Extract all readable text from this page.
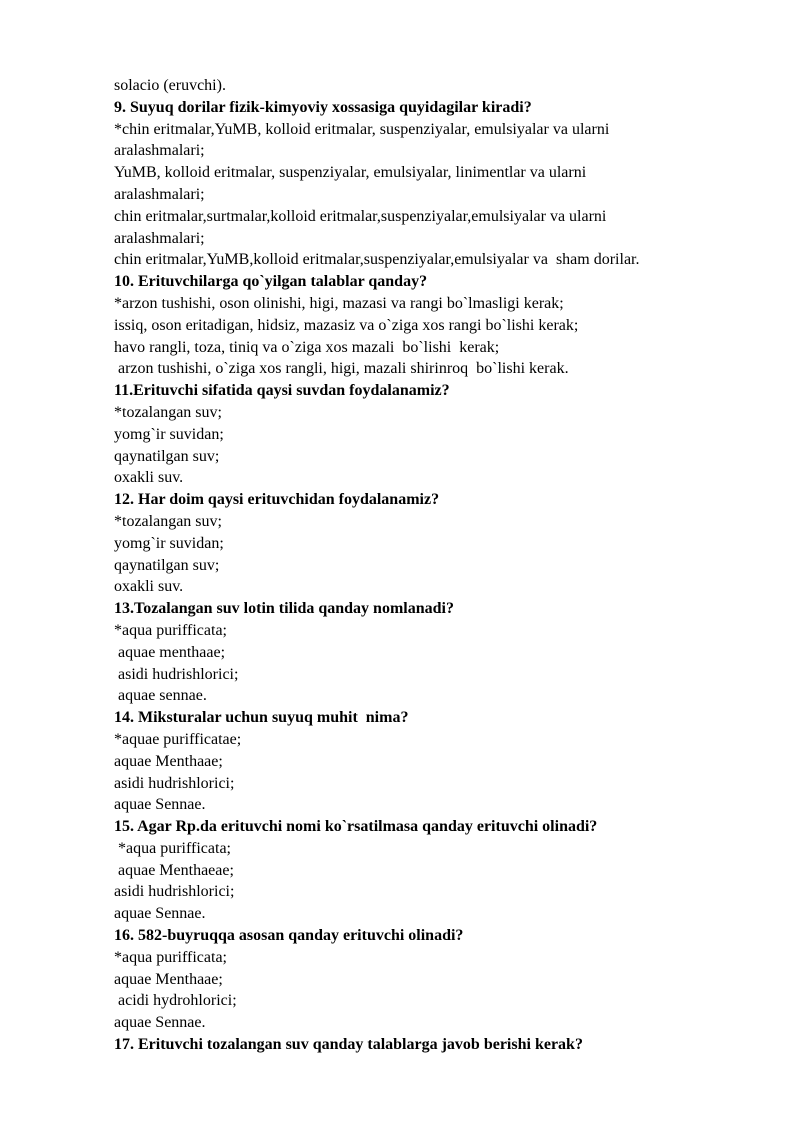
solacio (eruvchi).
9. Suyuq dorilar fizik-kimyoviy xossasiga quyidagilar kiradi?
*chin eritmalar,YuMB, kolloid eritmalar, suspenziyalar, emulsiyalar va ularni
aralashmalari;
YuMB, kolloid eritmalar, suspenziyalar, emulsiyalar, linimentlar va ularni
aralashmalari;
chin eritmalar,surtmalar,kolloid eritmalar,suspenziyalar,emulsiyalar va ularni
aralashmalari;
chin eritmalar,YuMB,kolloid eritmalar,suspenziyalar,emulsiyalar va  sham dorilar.
10. Erituvchilarga qo`yilgan talablar qanday?
*arzon tushishi, oson olinishi, higi, mazasi va rangi bo`lmasligi kerak;
issiq, oson eritadigan, hidsiz, mazasiz va o`ziga xos rangi bo`lishi kerak;
havo rangli, toza, tiniq va o`ziga xos mazali  bo`lishi  kerak;
arzon tushishi, o`ziga xos rangli, higi, mazali shirinroq  bo`lishi kerak.
11.Erituvchi sifatida qaysi suvdan foydalanamiz?
*tozalangan suv;
yomg`ir suvidan;
qaynatilgan suv;
oxakli suv.
12. Har doim qaysi erituvchidan foydalanamiz?
*tozalangan suv;
yomg`ir suvidan;
qaynatilgan suv;
oxakli suv.
13.Tozalangan suv lotin tilida qanday nomlanadi?
*aqua purifficata;
aquae menthaae;
asidi hudrishlorici;
aquae sennae.
14. Miksturalar uchun suyuq muhit  nima?
*aquae purifficatae;
aquae Menthaae;
asidi hudrishlorici;
aquae Sennae.
15. Agar Rp.da erituvchi nomi ko`rsatilmasa qanday erituvchi olinadi?
*aqua purifficata;
aquae Menthaeae;
asidi hudrishlorici;
aquae Sennae.
16. 582-buyruqqa asosan qanday erituvchi olinadi?
*aqua purifficata;
aquae Menthaae;
acidi hydrohlorici;
aquae Sennae.
17. Erituvchi tozalangan suv qanday talablarga javob berishi kerak?
